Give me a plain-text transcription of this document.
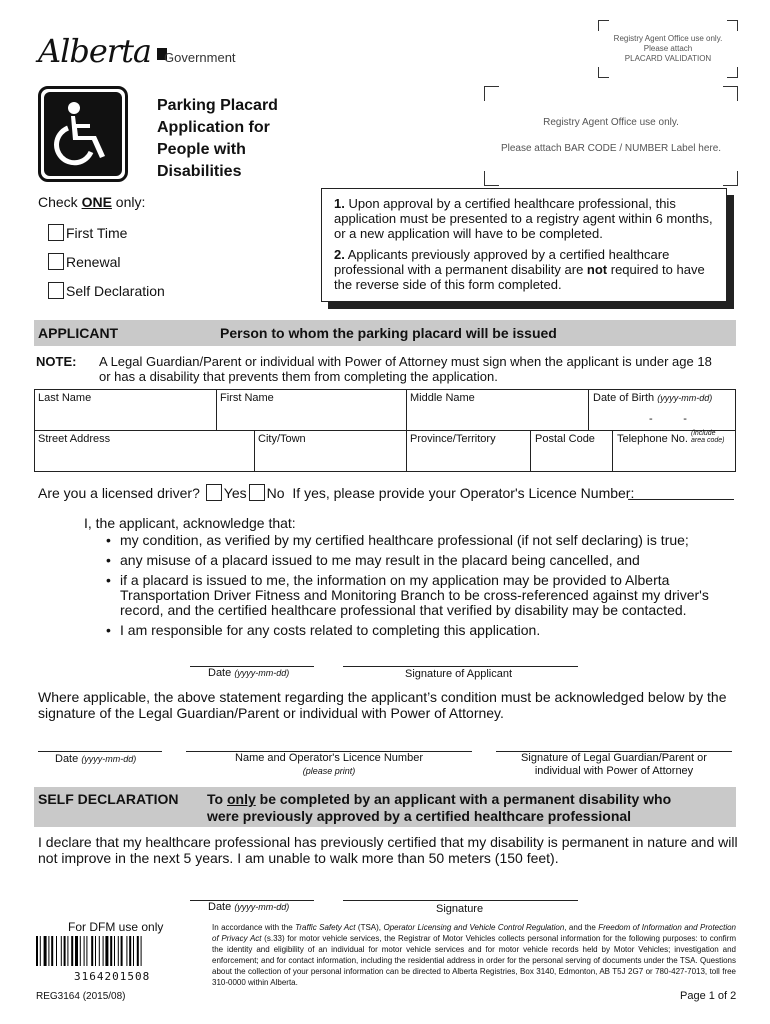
Alberta	Government
Registry Agent Office use only.
Please attach
PLACARD VALIDATION
Parking Placard
Application for
People with
Disabilities
Registry Agent Office use only.
Please attach BAR CODE / NUMBER Label here.
Check ONE only:
First Time
Renewal
Self Declaration
1. Upon approval by a certified healthcare professional, this application must be presented to a registry agent within 6 months, or a new application will have to be completed.
2. Applicants previously approved by a certified healthcare professional with a permanent disability are not required to have the reverse side of this form completed.
APPLICANT	Person to whom the parking placard will be issued
NOTE: A Legal Guardian/Parent or individual with Power of Attorney must sign when the applicant is under age 18 or has a disability that prevents them from completing the application.
Last Name	First Name	Middle Name	Date of Birth (yyyy-mm-dd)
-          -
Street Address	City/Town	Province/Territory	Postal Code	Telephone No. (include
area code)
Are you a licensed driver? Yes No If yes, please provide your Operator's Licence Number:
I, the applicant, acknowledge that:
• my condition, as verified by my certified healthcare professional (if not self declaring) is true;
• any misuse of a placard issued to me may result in the placard being cancelled, and
• if a placard is issued to me, the information on my application may be provided to Alberta Transportation Driver Fitness and Monitoring Branch to be cross-referenced against my driver's record, and the certified healthcare professional that verified by disability may be contacted.
• I am responsible for any costs related to completing this application.
Date (yyyy-mm-dd)	Signature of Applicant
Where applicable, the above statement regarding the applicant’s condition must be acknowledged below by the signature of the Legal Guardian/Parent or individual with Power of Attorney.
Date (yyyy-mm-dd)	Name and Operator's Licence Number
(please print)
Signature of Legal Guardian/Parent or
individual with Power of Attorney
SELF DECLARATION To only be completed by an applicant with a permanent disability who
were previously approved by a certified healthcare professional
I declare that my healthcare professional has previously certified that my disability is permanent in nature and will not improve in the next 5 years. I am unable to walk more than 50 meters (150 feet).
Date (yyyy-mm-dd)	Signature
For DFM use only
3164201508
REG3164 (2015/08)
In accordance with the Traffic Safety Act (TSA), Operator Licensing and Vehicle Control Regulation, and the Freedom of Information and Protection of Privacy Act (s.33) for motor vehicle services, the Registrar of Motor Vehicles collects personal information for the following purposes: to confirm the identity and eligibility of an individual for motor vehicle services and for motor vehicle records held by Motor Vehicles; investigation and enforcement; and for contact information, including the residential address in order for the personal serving of documents under the TSA. Questions about the collection of your personal information can be directed to Alberta Registries, Box 3140, Edmonton, AB T5J 2G7 or 780-427-7013, toll free 310-0000 within Alberta.
Page 1 of 2
